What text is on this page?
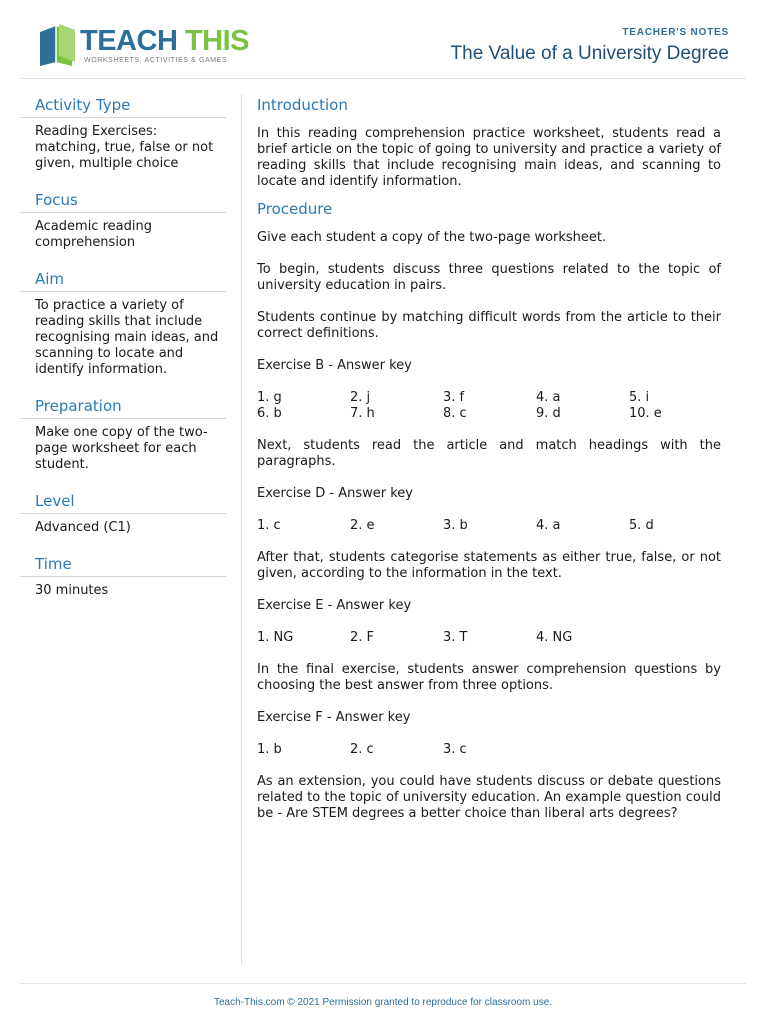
TEACH THIS
WORKSHEETS, ACTIVITIES & GAMES
TEACHER'S NOTES
The Value of a University Degree
Activity Type
Reading Exercises: matching, true, false or not given, multiple choice
Focus
Academic reading comprehension
Aim
To practice a variety of reading skills that include recognising main ideas, and scanning to locate and identify information.
Preparation
Make one copy of the two-page worksheet for each student.
Level
Advanced (C1)
Time
30 minutes
Introduction

In this reading comprehension practice worksheet, students read a brief article on the topic of going to university and practice a variety of reading skills that include recognising main ideas, and scanning to locate and identify information.

Procedure

Give each student a copy of the two-page worksheet.

To begin, students discuss three questions related to the topic of university education in pairs.

Students continue by matching difficult words from the article to their correct definitions.

Exercise B - Answer key

1. g	2. j	3. f	4. a	5. i
6. b	7. h	8. c	9. d	10. e

Next, students read the article and match headings with the paragraphs.

Exercise D - Answer key

1. c	2. e	3. b	4. a	5. d

After that, students categorise statements as either true, false, or not given, according to the information in the text.

Exercise E - Answer key

1. NG	2. F	3. T	4. NG

In the final exercise, students answer comprehension questions by choosing the best answer from three options.

Exercise F - Answer key

1. b	2. c	3. c

As an extension, you could have students discuss or debate questions related to the topic of university education. An example question could be - Are STEM degrees a better choice than liberal arts degrees?

Teach-This.com © 2021 Permission granted to reproduce for classroom use.
